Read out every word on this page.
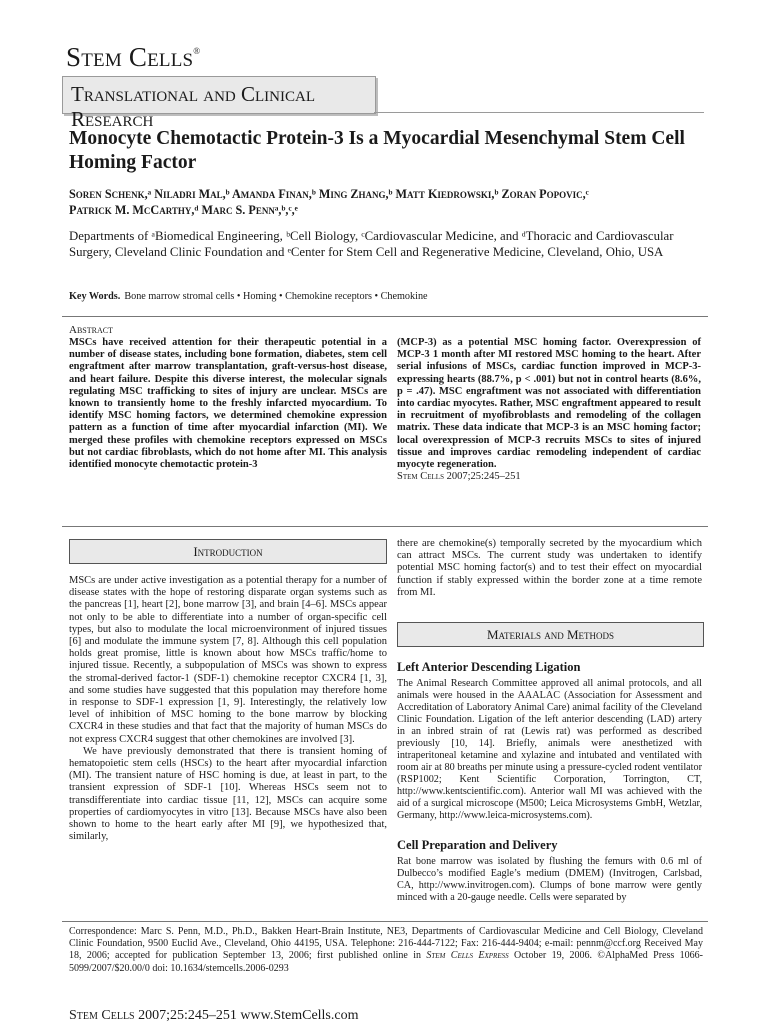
Stem Cells®
Translational and Clinical Research
Monocyte Chemotactic Protein-3 Is a Myocardial Mesenchymal Stem Cell Homing Factor
Soren Schenk,ᵃ Niladri Mal,ᵇ Amanda Finan,ᵇ Ming Zhang,ᵇ Matt Kiedrowski,ᵇ Zoran Popovic,ᶜ
Patrick M. McCarthy,ᵈ Marc S. Pennᵃ,ᵇ,ᶜ,ᵉ
Departments of ᵃBiomedical Engineering, ᵇCell Biology, ᶜCardiovascular Medicine, and ᵈThoracic and Cardiovascular Surgery, Cleveland Clinic Foundation and ᵉCenter for Stem Cell and Regenerative Medicine, Cleveland, Ohio, USA
Key Words. Bone marrow stromal cells • Homing • Chemokine receptors • Chemokine
Abstract
MSCs have received attention for their therapeutic potential in a number of disease states, including bone formation, diabetes, stem cell engraftment after marrow transplantation, graft-versus-host disease, and heart failure. Despite this diverse interest, the molecular signals regulating MSC trafficking to sites of injury are unclear. MSCs are known to transiently home to the freshly infarcted myocardium. To identify MSC homing factors, we determined chemokine expression pattern as a function of time after myocardial infarction (MI). We merged these profiles with chemokine receptors expressed on MSCs but not cardiac fibroblasts, which do not home after MI. This analysis identified monocyte chemotactic protein-3
(MCP-3) as a potential MSC homing factor. Overexpression of MCP-3 1 month after MI restored MSC homing to the heart. After serial infusions of MSCs, cardiac function improved in MCP-3-expressing hearts (88.7%, p < .001) but not in control hearts (8.6%, p = .47). MSC engraftment was not associated with differentiation into cardiac myocytes. Rather, MSC engraftment appeared to result in recruitment of myofibroblasts and remodeling of the collagen matrix. These data indicate that MCP-3 is an MSC homing factor; local overexpression of MCP-3 recruits MSCs to sites of injured tissue and improves cardiac remodeling independent of cardiac myocyte regeneration.
Stem Cells 2007;25:245–251
Introduction

MSCs are under active investigation as a potential therapy for a number of disease states with the hope of restoring disparate organ systems such as the pancreas [1], heart [2], bone marrow [3], and brain [4–6]. MSCs appear not only to be able to differentiate into a number of organ-specific cell types, but also to modulate the local microenvironment of injured tissues [6] and modulate the immune system [7, 8]. Although this cell population holds great promise, little is known about how MSCs traffic/home to injured tissue. Recently, a subpopulation of MSCs was shown to express the stromal-derived factor-1 (SDF-1) chemokine receptor CXCR4 [1, 3], and some studies have suggested that this population may therefore home in response to SDF-1 expression [1, 9]. Interestingly, the relatively low level of inhibition of MSC homing to the bone marrow by blocking CXCR4 in these studies and that fact that the majority of human MSCs do not express CXCR4 suggest that other chemokines are involved [3].

We have previously demonstrated that there is transient homing of hematopoietic stem cells (HSCs) to the heart after myocardial infarction (MI). The transient nature of HSC homing is due, at least in part, to the transient expression of SDF-1 [10]. Whereas HSCs seem not to transdifferentiate into cardiac tissue [11, 12], MSCs can acquire some properties of cardiomyocytes in vitro [13]. Because MSCs have also been shown to home to the heart early after MI [9], we hypothesized that, similarly,

there are chemokine(s) temporally secreted by the myocardium which can attract MSCs. The current study was undertaken to identify potential MSC homing factor(s) and to test their effect on myocardial function if stably expressed within the border zone at a time remote from MI.
Materials and Methods
Left Anterior Descending Ligation
The Animal Research Committee approved all animal protocols, and all animals were housed in the AAALAC (Association for Assessment and Accreditation of Laboratory Animal Care) animal facility of the Cleveland Clinic Foundation. Ligation of the left anterior descending (LAD) artery in an inbred strain of rat (Lewis rat) was performed as described previously [10, 14]. Briefly, animals were anesthetized with intraperitoneal ketamine and xylazine and intubated and ventilated with room air at 80 breaths per minute using a pressure-cycled rodent ventilator (RSP1002; Kent Scientific Corporation, Torrington, CT, http://www.kentscientific.com). Anterior wall MI was achieved with the aid of a surgical microscope (M500; Leica Microsystems GmbH, Wetzlar, Germany, http://www.leica-microsystems.com).
Cell Preparation and Delivery
Rat bone marrow was isolated by flushing the femurs with 0.6 ml of Dulbecco’s modified Eagle’s medium (DMEM) (Invitrogen, Carlsbad, CA, http://www.invitrogen.com). Clumps of bone marrow were gently minced with a 20-gauge needle. Cells were separated by
Correspondence: Marc S. Penn, M.D., Ph.D., Bakken Heart-Brain Institute, NE3, Departments of Cardiovascular Medicine and Cell Biology, Cleveland Clinic Foundation, 9500 Euclid Ave., Cleveland, Ohio 44195, USA. Telephone: 216-444-7122; Fax: 216-444-9404; e-mail: pennm@ccf.org Received May 18, 2006; accepted for publication September 13, 2006; first published online in Stem Cells Express October 19, 2006. ©AlphaMed Press 1066-5099/2007/$20.00/0 doi: 10.1634/stemcells.2006-0293
Stem Cells 2007;25:245–251 www.StemCells.com
